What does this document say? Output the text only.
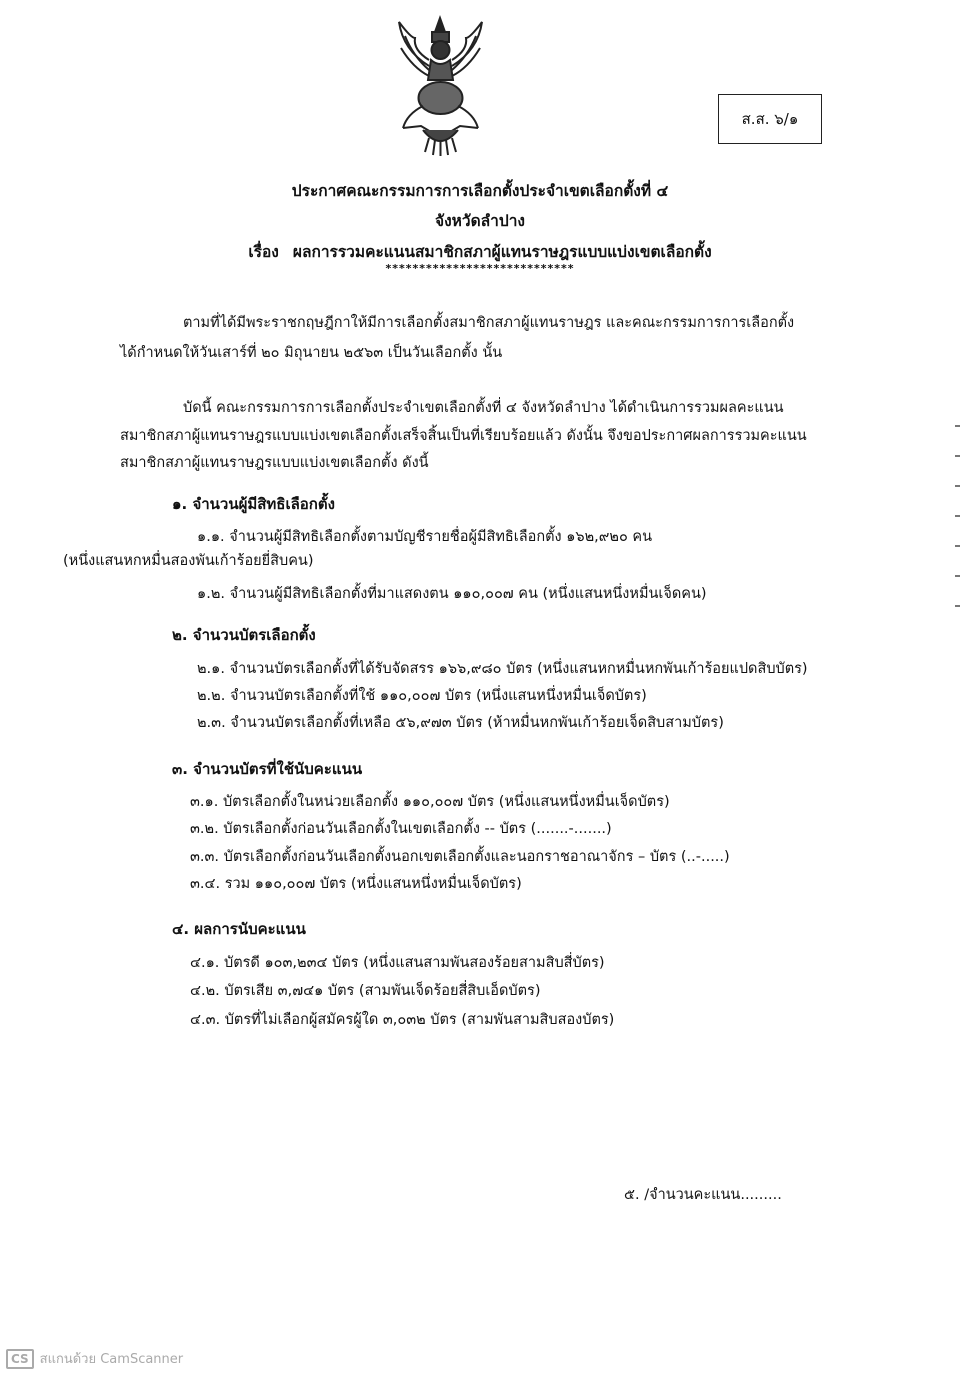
ส.ส. ๖/๑
ประกาศคณะกรรมการการเลือกตั้งประจำเขตเลือกตั้งที่ ๔
จังหวัดลำปาง
เรื่อง ผลการรวมคะแนนสมาชิกสภาผู้แทนราษฎรแบบแบ่งเขตเลือกตั้ง
****************************
ตามที่ได้มีพระราชกฤษฎีกาให้มีการเลือกตั้งสมาชิกสภาผู้แทนราษฎร และคณะกรรมการการเลือกตั้ง
ได้กำหนดให้วันเสาร์ที่ ๒๐ มิถุนายน ๒๕๖๓ เป็นวันเลือกตั้ง นั้น
บัดนี้ คณะกรรมการการเลือกตั้งประจำเขตเลือกตั้งที่ ๔ จังหวัดลำปาง ได้ดำเนินการรวมผลคะแนน
สมาชิกสภาผู้แทนราษฎรแบบแบ่งเขตเลือกตั้งเสร็จสิ้นเป็นที่เรียบร้อยแล้ว ดังนั้น จึงขอประกาศผลการรวมคะแนน
สมาชิกสภาผู้แทนราษฎรแบบแบ่งเขตเลือกตั้ง ดังนี้
๑. จำนวนผู้มีสิทธิเลือกตั้ง
๑.๑. จำนวนผู้มีสิทธิเลือกตั้งตามบัญชีรายชื่อผู้มีสิทธิเลือกตั้ง ๑๖๒,๙๒๐ คน
(หนึ่งแสนหกหมื่นสองพันเก้าร้อยยี่สิบคน)
๑.๒. จำนวนผู้มีสิทธิเลือกตั้งที่มาแสดงตน ๑๑๐,๐๐๗ คน (หนึ่งแสนหนึ่งหมื่นเจ็ดคน)
๒. จำนวนบัตรเลือกตั้ง
๒.๑. จำนวนบัตรเลือกตั้งที่ได้รับจัดสรร ๑๖๖,๙๘๐ บัตร (หนึ่งแสนหกหมื่นหกพันเก้าร้อยแปดสิบบัตร)
๒.๒. จำนวนบัตรเลือกตั้งที่ใช้ ๑๑๐,๐๐๗ บัตร (หนึ่งแสนหนึ่งหมื่นเจ็ดบัตร)
๒.๓. จำนวนบัตรเลือกตั้งที่เหลือ ๕๖,๙๗๓ บัตร (ห้าหมื่นหกพันเก้าร้อยเจ็ดสิบสามบัตร)
๓. จำนวนบัตรที่ใช้นับคะแนน
๓.๑. บัตรเลือกตั้งในหน่วยเลือกตั้ง ๑๑๐,๐๐๗ บัตร (หนึ่งแสนหนึ่งหมื่นเจ็ดบัตร)
๓.๒. บัตรเลือกตั้งก่อนวันเลือกตั้งในเขตเลือกตั้ง -- บัตร (.......-.......)
๓.๓. บัตรเลือกตั้งก่อนวันเลือกตั้งนอกเขตเลือกตั้งและนอกราชอาณาจักร – บัตร (..-.....)
๓.๔. รวม ๑๑๐,๐๐๗ บัตร (หนึ่งแสนหนึ่งหมื่นเจ็ดบัตร)
๔. ผลการนับคะแนน
๔.๑. บัตรดี ๑๐๓,๒๓๔ บัตร (หนึ่งแสนสามพันสองร้อยสามสิบสี่บัตร)
๔.๒. บัตรเสีย ๓,๗๔๑ บัตร (สามพันเจ็ดร้อยสี่สิบเอ็ดบัตร)
๔.๓. บัตรที่ไม่เลือกผู้สมัครผู้ใด ๓,๐๓๒ บัตร (สามพันสามสิบสองบัตร)
๕. /จำนวนคะแนน.........
CS สแกนด้วย CamScanner
